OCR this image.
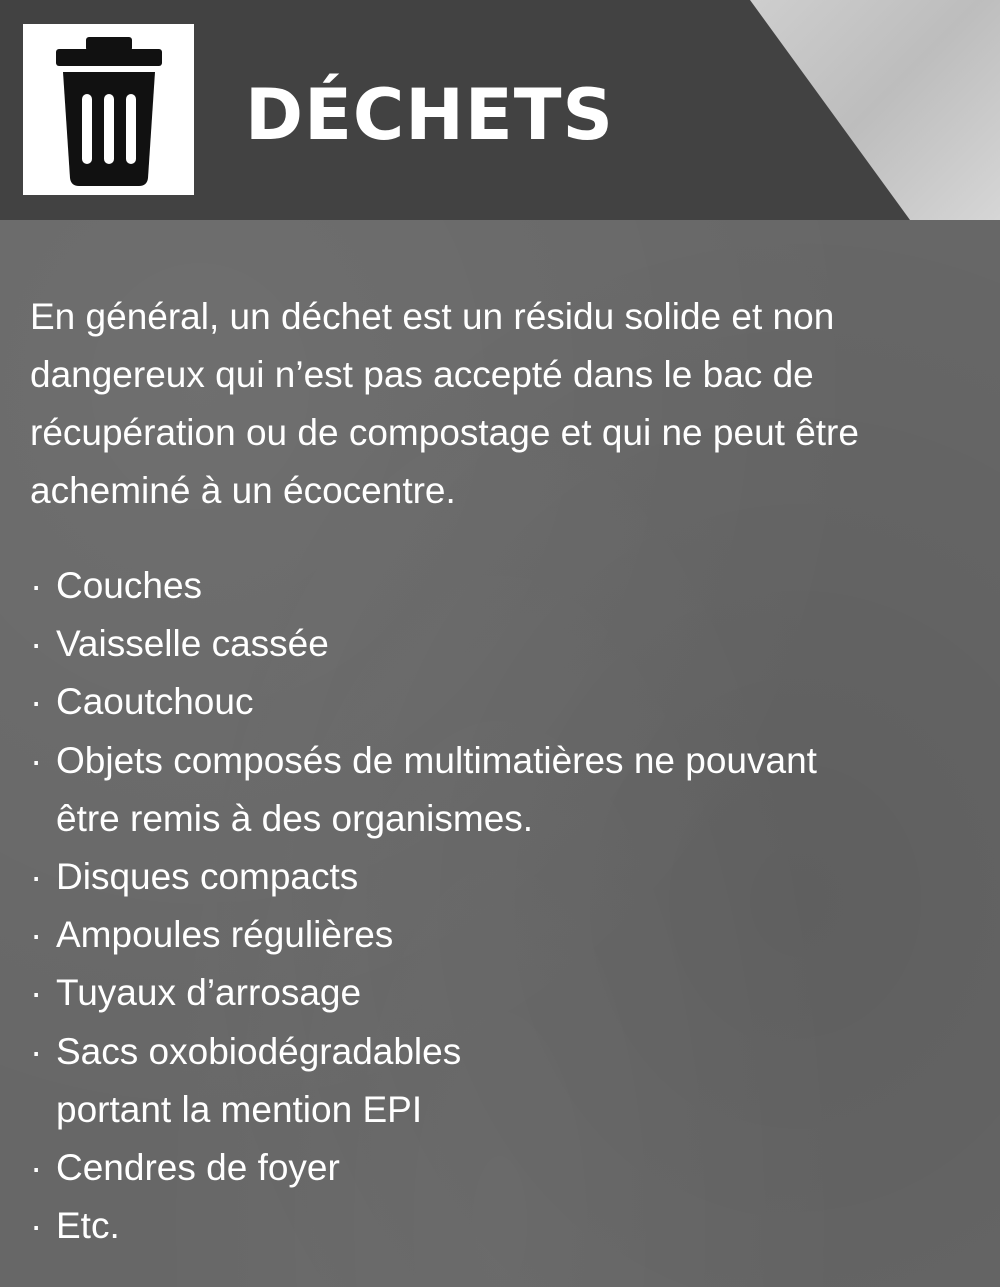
DÉCHETS

En général, un déchet est un résidu solide et non dangereux qui n’est pas accepté dans le bac de récupération ou de compostage et qui ne peut être acheminé à un écocentre.

· Couches
· Vaisselle cassée
· Caoutchouc
· Objets composés de multimatières ne pouvant
être remis à des organismes.
· Disques compacts
· Ampoules régulières
· Tuyaux d’arrosage
· Sacs oxobiodégradables
portant la mention EPI
· Cendres de foyer
· Etc.
